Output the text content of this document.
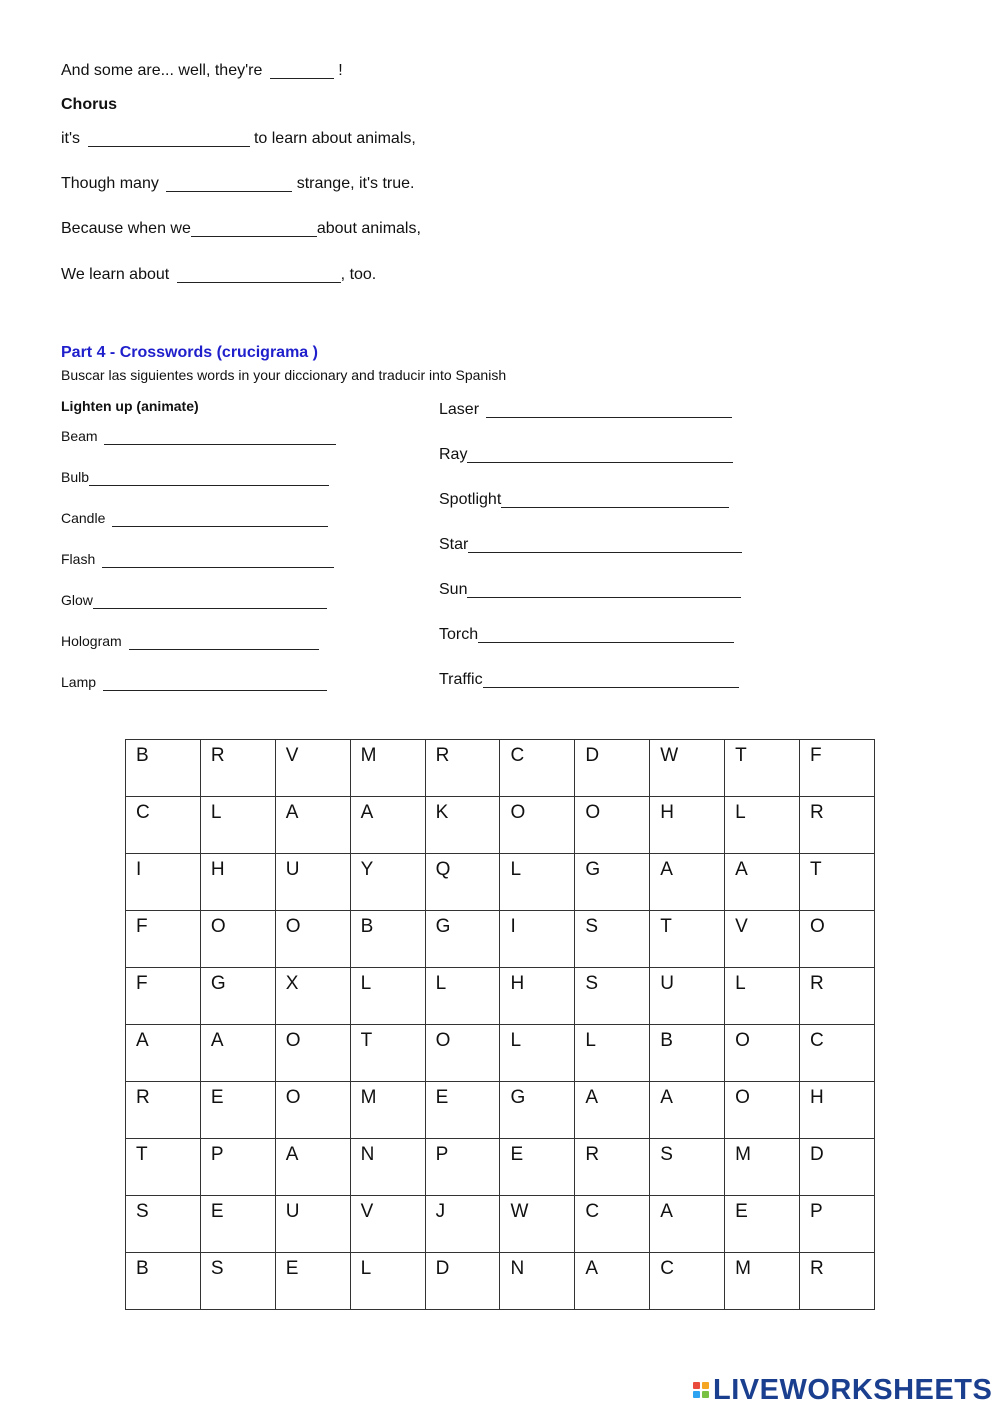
And some are... well, they're	!
Chorus
it's	to learn about animals,
Though many	strange, it's true.
Because when we	about animals,
We learn about	, too.
Part 4 - Crosswords (crucigrama )
Buscar las siguientes words in your diccionary and traducir into Spanish
Lighten up (animate)
Beam
Bulb
Candle
Flash
Glow
Hologram
Lamp
Laser
Ray
Spotlight
Star
Sun
Torch
Traffic
B	R	V	M	R	C	D	W	T	F
C	L	A	A	K	O	O	H	L	R
I	H	U	Y	Q	L	G	A	A	T
F	O	O	B	G	I	S	T	V	O
F	G	X	L	L	H	S	U	L	R
A	A	O	T	O	L	L	B	O	C
R	E	O	M	E	G	A	A	O	H
T	P	A	N	P	E	R	S	M	D
S	E	U	V	J	W	C	A	E	P
B	S	E	L	D	N	A	C	M	R
LIVEWORKSHEETS
